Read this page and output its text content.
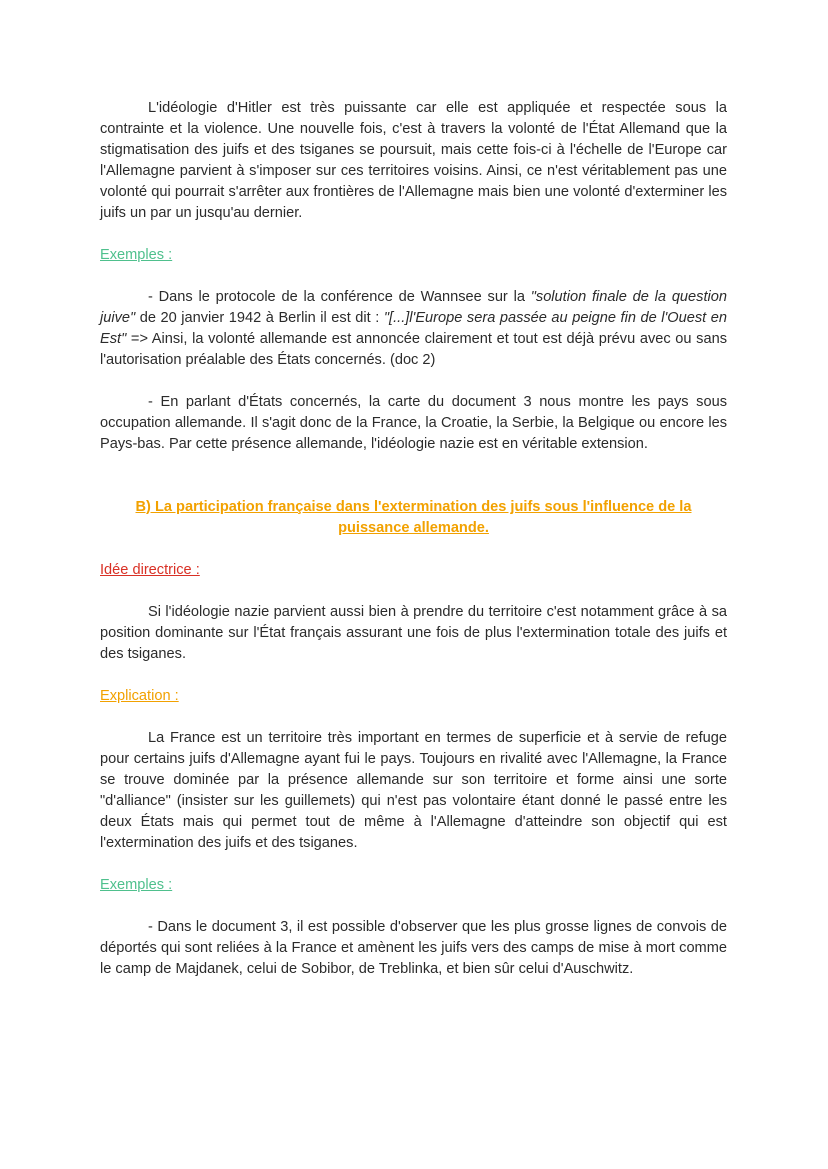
L'idéologie d'Hitler est très puissante car elle est appliquée et respectée sous la contrainte et la violence. Une nouvelle fois, c'est à travers la volonté de l'État Allemand que la stigmatisation des juifs et des tsiganes se poursuit, mais cette fois-ci à l'échelle de l'Europe car l'Allemagne parvient à s'imposer sur ces territoires voisins. Ainsi, ce n'est véritablement pas une volonté qui pourrait s'arrêter aux frontières de l'Allemagne mais bien une volonté d'exterminer les juifs un par un jusqu'au dernier.

Exemples :

- Dans le protocole de la conférence de Wannsee sur la "solution finale de la question juive" de 20 janvier 1942 à Berlin il est dit : "[...]l'Europe sera passée au peigne fin de l'Ouest en Est" => Ainsi, la volonté allemande est annoncée clairement et tout est déjà prévu avec ou sans l'autorisation préalable des États concernés. (doc 2)

- En parlant d'États concernés, la carte du document 3 nous montre les pays sous occupation allemande. Il s'agit donc de la France, la Croatie, la Serbie, la Belgique ou encore les Pays-bas. Par cette présence allemande, l'idéologie nazie est en véritable extension.

B) La participation française dans l'extermination des juifs sous l'influence de la puissance allemande.
Idée directrice :

Si l'idéologie nazie parvient aussi bien à prendre du territoire c'est notamment grâce à sa position dominante sur l'État français assurant une fois de plus l'extermination totale des juifs et des tsiganes.

Explication :

La France est un territoire très important en termes de superficie et à servie de refuge pour certains juifs d'Allemagne ayant fui le pays. Toujours en rivalité avec l'Allemagne, la France se trouve dominée par la présence allemande sur son territoire et forme ainsi une sorte "d'alliance" (insister sur les guillemets) qui n'est pas volontaire étant donné le passé entre les deux États mais qui permet tout de même à l'Allemagne d'atteindre son objectif qui est l'extermination des juifs et des tsiganes.

Exemples :

- Dans le document 3, il est possible d'observer que les plus grosse lignes de convois de déportés qui sont reliées à la France et amènent les juifs vers des camps de mise à mort comme le camp de Majdanek, celui de Sobibor, de Treblinka, et bien sûr celui d'Auschwitz.
